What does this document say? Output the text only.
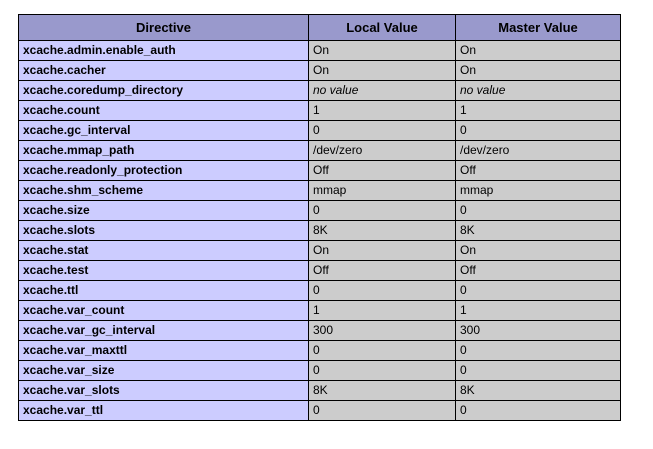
Directive	Local Value	Master Value
xcache.admin.enable_auth	On	On
xcache.cacher	On	On
xcache.coredump_directory	no value	no value
xcache.count	1	1
xcache.gc_interval	0	0
xcache.mmap_path	/dev/zero	/dev/zero
xcache.readonly_protection	Off	Off
xcache.shm_scheme	mmap	mmap
xcache.size	0	0
xcache.slots	8K	8K
xcache.stat	On	On
xcache.test	Off	Off
xcache.ttl	0	0
xcache.var_count	1	1
xcache.var_gc_interval	300	300
xcache.var_maxttl	0	0
xcache.var_size	0	0
xcache.var_slots	8K	8K
xcache.var_ttl	0	0
